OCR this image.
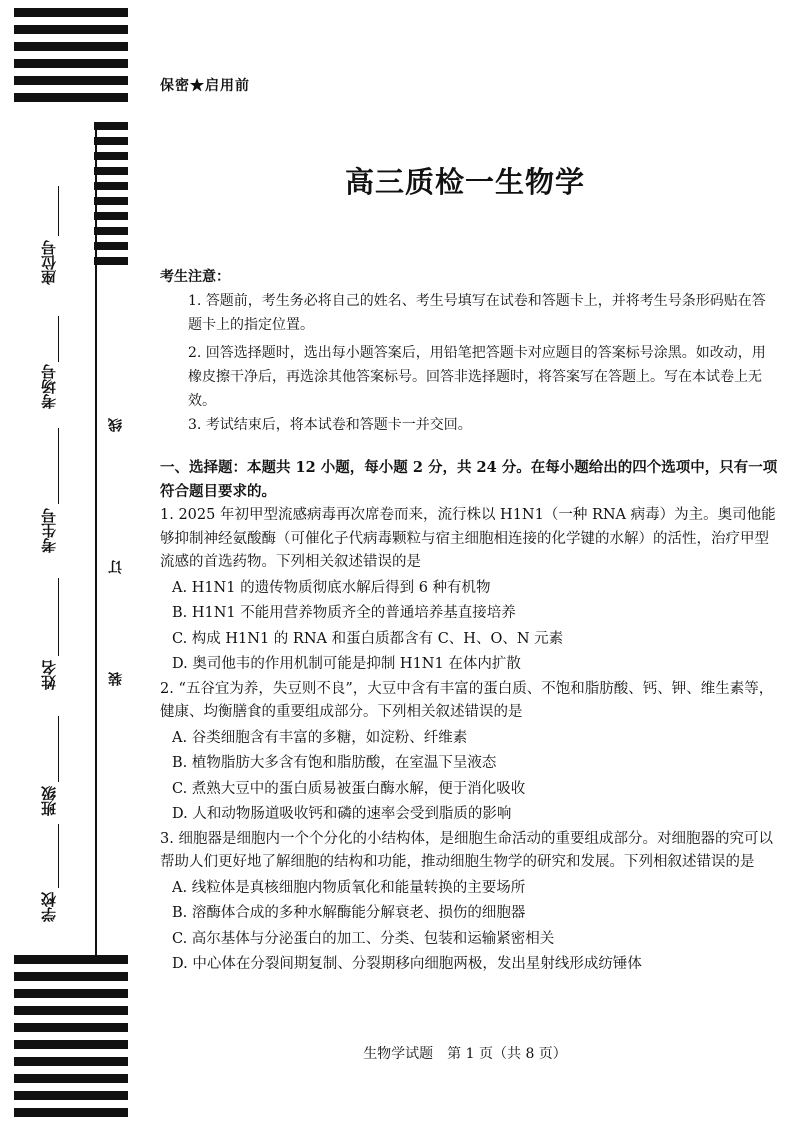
座位号
考场号
考生号
姓名
班级
学校
线
订
装
保密★启用前
高三质检一生物学
考生注意：
1. 答题前，考生务必将自己的姓名、考生号填写在试卷和答题卡上，并将考生号条形码贴在答题卡上的指定位置。
2. 回答选择题时，选出每小题答案后，用铅笔把答题卡对应题目的答案标号涂黑。如改动，用橡皮擦干净后，再选涂其他答案标号。回答非选择题时，将答案写在答题上。写在本试卷上无效。
3. 考试结束后，将本试卷和答题卡一并交回。
一、选择题：本题共 12 小题，每小题 2 分，共 24 分。在每小题给出的四个选项中，只有一项符合题目要求的。
1. 2025 年初甲型流感病毒再次席卷而来，流行株以 H1N1（一种 RNA 病毒）为主。奥司他能够抑制神经氨酸酶（可催化子代病毒颗粒与宿主细胞相连接的化学键的水解）的活性，治疗甲型流感的首选药物。下列相关叙述错误的是
A. H1N1 的遗传物质彻底水解后得到 6 种有机物
B. H1N1 不能用营养物质齐全的普通培养基直接培养
C. 构成 H1N1 的 RNA 和蛋白质都含有 C、H、O、N 元素
D. 奥司他韦的作用机制可能是抑制 H1N1 在体内扩散
2. “五谷宜为养，失豆则不良”，大豆中含有丰富的蛋白质、不饱和脂肪酸、钙、钾、维生素等，健康、均衡膳食的重要组成部分。下列相关叙述错误的是
A. 谷类细胞含有丰富的多糖，如淀粉、纤维素
B. 植物脂肪大多含有饱和脂肪酸，在室温下呈液态
C. 煮熟大豆中的蛋白质易被蛋白酶水解，便于消化吸收
D. 人和动物肠道吸收钙和磷的速率会受到脂质的影响
3. 细胞器是细胞内一个个分化的小结构体，是细胞生命活动的重要组成部分。对细胞器的究可以帮助人们更好地了解细胞的结构和功能，推动细胞生物学的研究和发展。下列相叙述错误的是
A. 线粒体是真核细胞内物质氧化和能量转换的主要场所
B. 溶酶体合成的多种水解酶能分解衰老、损伤的细胞器
C. 高尔基体与分泌蛋白的加工、分类、包装和运输紧密相关
D. 中心体在分裂间期复制、分裂期移向细胞两极，发出星射线形成纺锤体
生物学试题　第 1 页（共 8 页）
